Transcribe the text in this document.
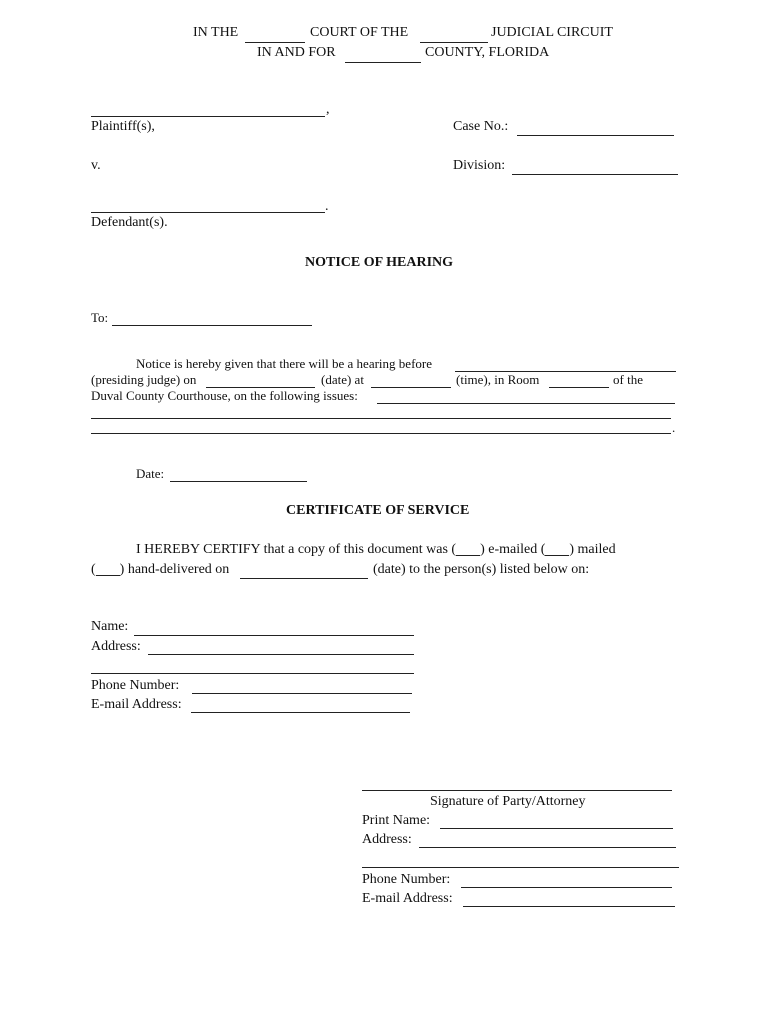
IN THE	COURT OF THE	JUDICIAL CIRCUIT
IN AND FOR	COUNTY, FLORIDA
,
Plaintiff(s),	Case No.:
v.	Division:
.
Defendant(s).
NOTICE OF HEARING
To:
Notice is hereby given that there will be a hearing before
(presiding judge) on	(date) at	(time), in Room	of the
Duval County Courthouse, on the following issues:
.
Date:
CERTIFICATE OF SERVICE
I HEREBY CERTIFY that a copy of this document was ( ) e-mailed ( ) mailed
( ) hand-delivered on	(date) to the person(s) listed below on:
Name:
Address:
Phone Number:
E-mail Address:
Signature of Party/Attorney
Print Name:
Address:
Phone Number:
E-mail Address:
